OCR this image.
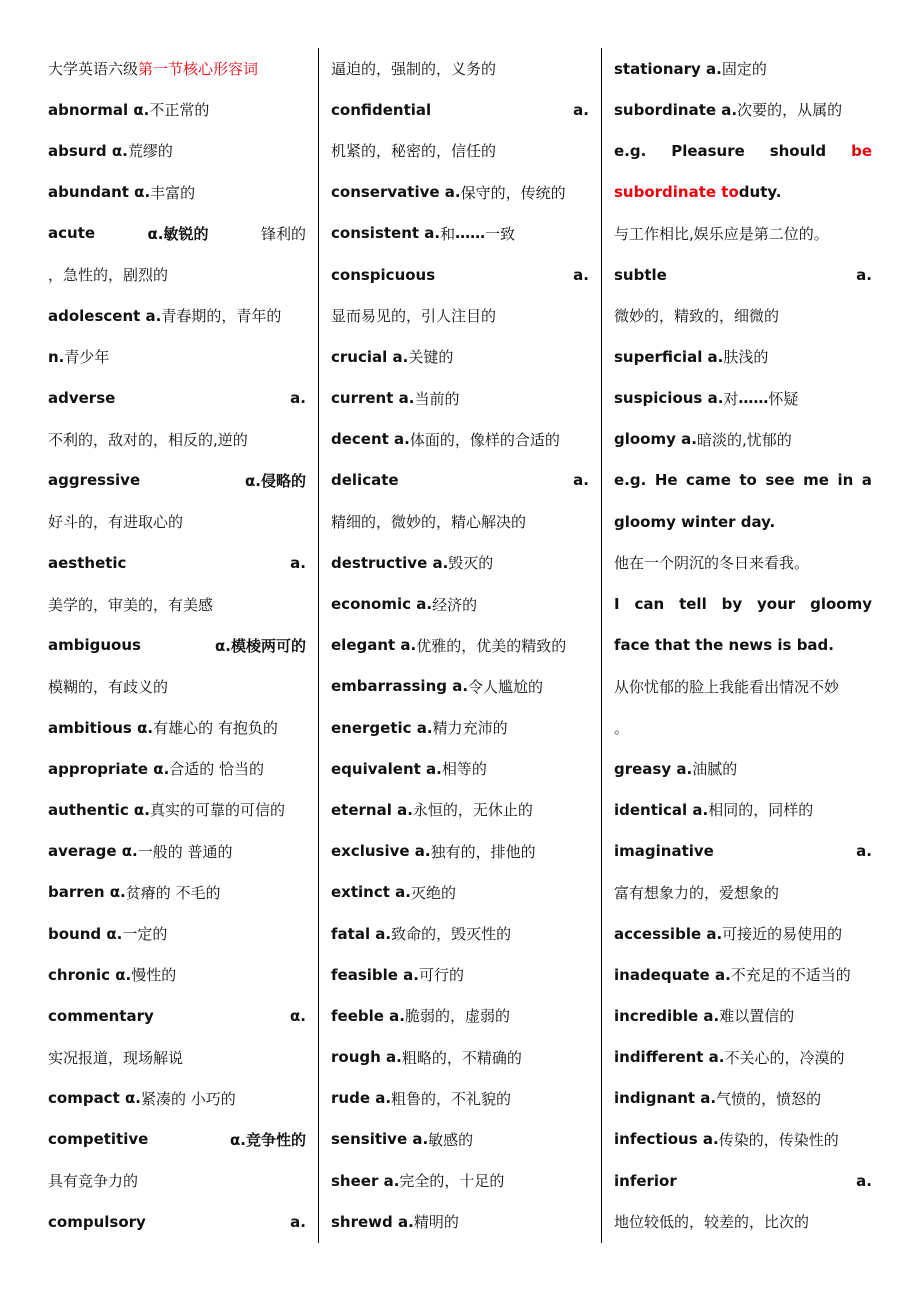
大学英语六级 第一节核心形容词
abnormal α. 不正常的
absurd α. 荒缪的
abundant α. 丰富的
acute	α.敏锐的	锋利的
，急性的，剧烈的
adolescent a. 青春期的，青年的
n. 青少年
adverse	a.
不利的，敌对的，相反的,逆的
aggressive	α.侵略的
好斗的，有进取心的
aesthetic	a.
美学的，审美的，有美感
ambiguous	α.模棱两可的
模糊的，有歧义的
ambitious α. 有雄心的 有抱负的
appropriate α. 合适的 恰当的
authentic α. 真实的可靠的可信的
average α. 一般的 普通的
barren α. 贫瘠的 不毛的
bound α. 一定的
chronic α. 慢性的
commentary	α.
实况报道，现场解说
compact α. 紧凑的 小巧的
competitive	α.竞争性的
具有竞争力的
compulsory	a.
逼迫的，强制的，义务的
confidential	a.
机紧的，秘密的，信任的
conservative a. 保守的，传统的
consistent a. 和 …… 一致
conspicuous	a.
显而易见的，引人注目的
crucial a. 关键的
current a. 当前的
decent a. 体面的，像样的合适的
delicate	a.
精细的，微妙的，精心解决的
destructive a. 毁灭的
economic a. 经济的
elegant a. 优雅的，优美的精致的
embarrassing a. 令人尴尬的
energetic a. 精力充沛的
equivalent a. 相等的
eternal a. 永恒的，无休止的
exclusive a. 独有的，排他的
extinct a. 灭绝的
fatal a. 致命的，毁灭性的
feasible a. 可行的
feeble a. 脆弱的，虚弱的
rough a. 粗略的，不精确的
rude a. 粗鲁的，不礼貌的
sensitive a. 敏感的
sheer a. 完全的，十足的
shrewd a. 精明的
stationary a. 固定的
subordinate a. 次要的，从属的
e.g. Pleasure should be
subordinate to duty.
与工作相比,娱乐应是第二位的。
subtle	a.
微妙的，精致的，细微的
superficial a. 肤浅的
suspicious a. 对 …… 怀疑
gloomy a. 暗淡的,忧郁的
e.g. He came to see me in a
gloomy winter day.
他在一个阴沉的冬日来看我。
I can tell by your gloomy
face that the news is bad.
从你忧郁的脸上我能看出情况不妙
。
greasy a. 油腻的
identical a. 相同的，同样的
imaginative	a.
富有想象力的，爱想象的
accessible a. 可接近的易使用的
inadequate a. 不充足的不适当的
incredible a. 难以置信的
indifferent a. 不关心的，冷漠的
indignant a. 气愤的，愤怒的
infectious a. 传染的，传染性的
inferior	a.
地位较低的，较差的，比次的
